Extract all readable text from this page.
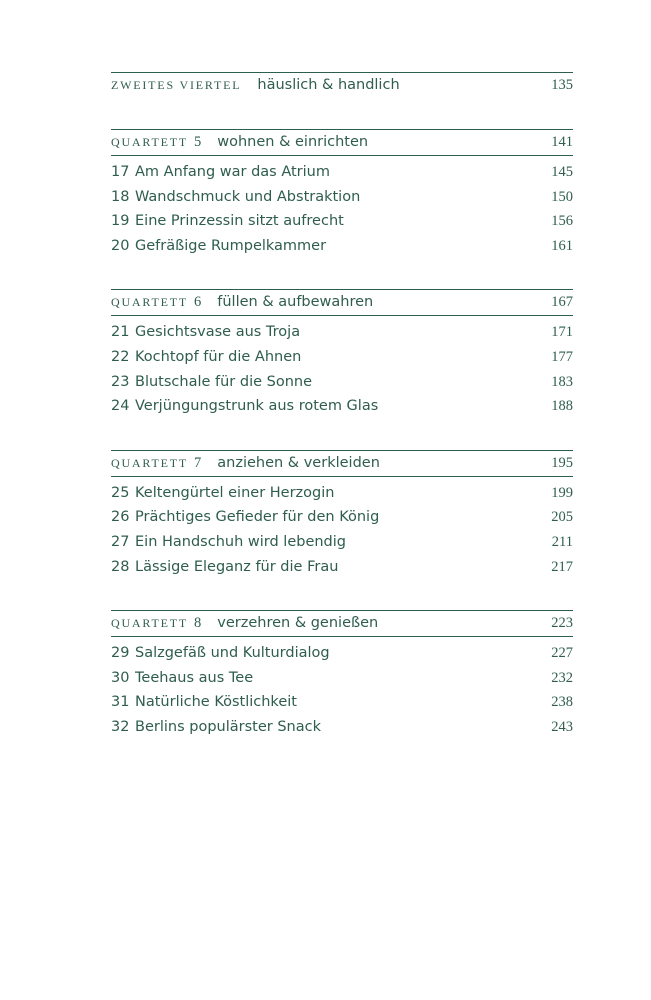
ZWEITES VIERTEL häuslich & handlich	135
QUARTETT 5 wohnen & einrichten	141
17 Am Anfang war das Atrium	145
18 Wandschmuck und Abstraktion	150
19 Eine Prinzessin sitzt aufrecht	156
20 Gefräßige Rumpelkammer	161
QUARTETT 6 füllen & aufbewahren	167
21 Gesichtsvase aus Troja	171
22 Kochtopf für die Ahnen	177
23 Blutschale für die Sonne	183
24 Verjüngungstrunk aus rotem Glas	188
QUARTETT 7 anziehen & verkleiden	195
25 Keltengürtel einer Herzogin	199
26 Prächtiges Gefieder für den König	205
27 Ein Handschuh wird lebendig	211
28 Lässige Eleganz für die Frau	217
QUARTETT 8 verzehren & genießen	223
29 Salzgefäß und Kulturdialog	227
30 Teehaus aus Tee	232
31 Natürliche Köstlichkeit	238
32 Berlins populärster Snack	243
